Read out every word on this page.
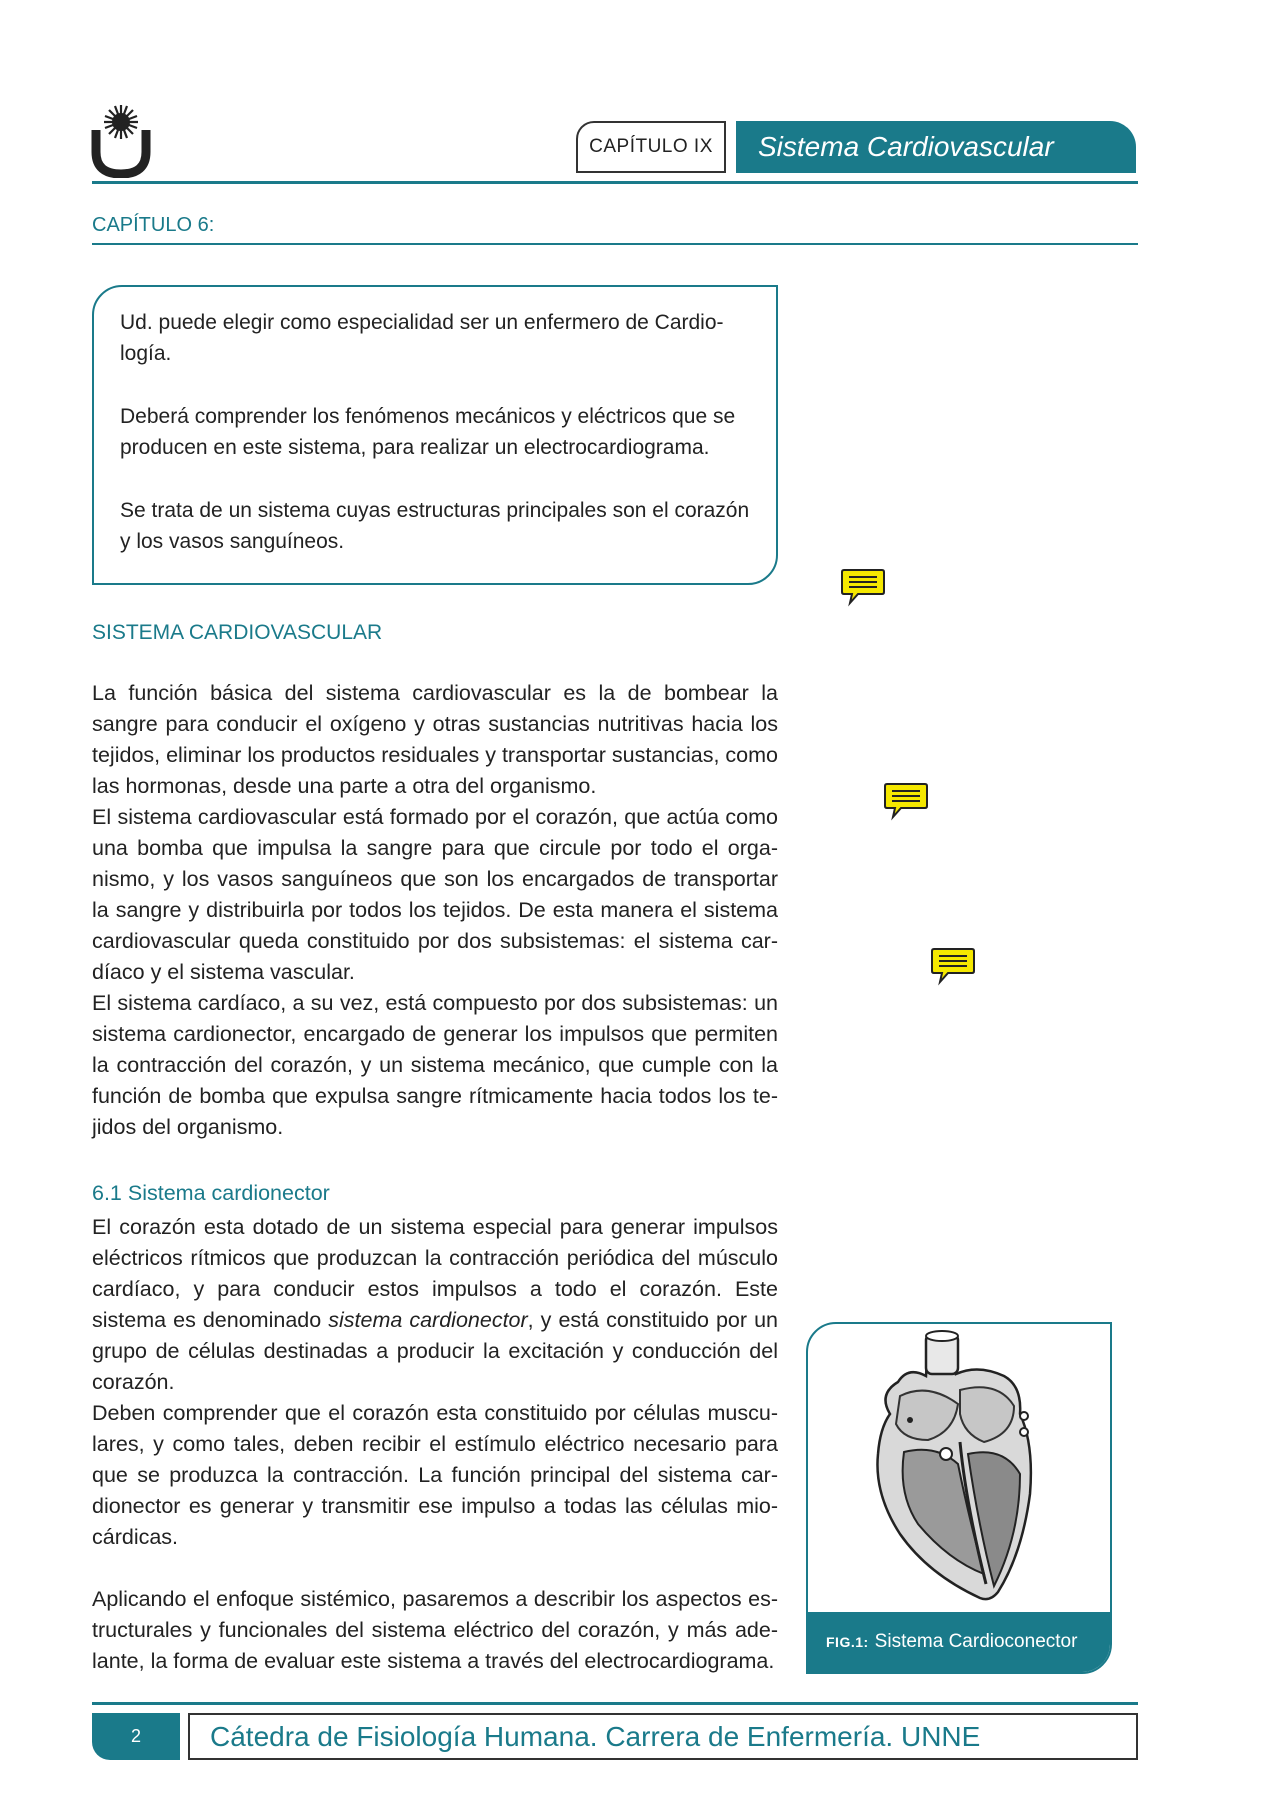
CAPÍTULO IX	Sistema Cardiovascular
CAPÍTULO 6:

Ud. puede elegir como especialidad ser un enfermero de Cardio- logía.

Deberá comprender los fenómenos mecánicos y eléctricos que se producen en este sistema, para realizar un electrocardiograma.

Se trata de un sistema cuyas estructuras principales son el corazón y los vasos sanguíneos.

SISTEMA CARDIOVASCULAR

La función básica del sistema cardiovascular es la de bombear la sangre para conducir el oxígeno y otras sustancias nutritivas hacia los tejidos, eliminar los productos residuales y transportar sustancias, como las hormonas, desde una parte a otra del organismo.

El sistema cardiovascular está formado por el corazón, que actúa como una bomba que impulsa la sangre para que circule por todo el orga- nismo, y los vasos sanguíneos que son los encargados de transportar la sangre y distribuirla por todos los tejidos. De esta manera el sistema cardiovascular queda constituido por dos subsistemas: el sistema car- díaco y el sistema vascular.

El sistema cardíaco, a su vez, está compuesto por dos subsistemas: un sistema cardionector, encargado de generar los impulsos que permiten la contracción del corazón, y un sistema mecánico, que cumple con la función de bomba que expulsa sangre rítmicamente hacia todos los te- jidos del organismo.

6.1 Sistema cardionector

El corazón esta dotado de un sistema especial para generar impulsos eléctricos rítmicos que produzcan la contracción periódica del músculo cardíaco, y para conducir estos impulsos a todo el corazón. Este sistema es denominado sistema cardionector, y está constituido por un grupo de células destinadas a producir la excitación y conducción del corazón.

Deben comprender que el corazón esta constituido por células muscu- lares, y como tales, deben recibir el estímulo eléctrico necesario para que se produzca la contracción. La función principal del sistema car- dionector es generar y transmitir ese impulso a todas las células mio- cárdicas.

Aplicando el enfoque sistémico, pasaremos a describir los aspectos es- tructurales y funcionales del sistema eléctrico del corazón, y más ade- lante, la forma de evaluar este sistema a través del electrocardiograma.

FIG.1: Sistema Cardioconector
2	Cátedra de Fisiología Humana. Carrera de Enfermería. UNNE
